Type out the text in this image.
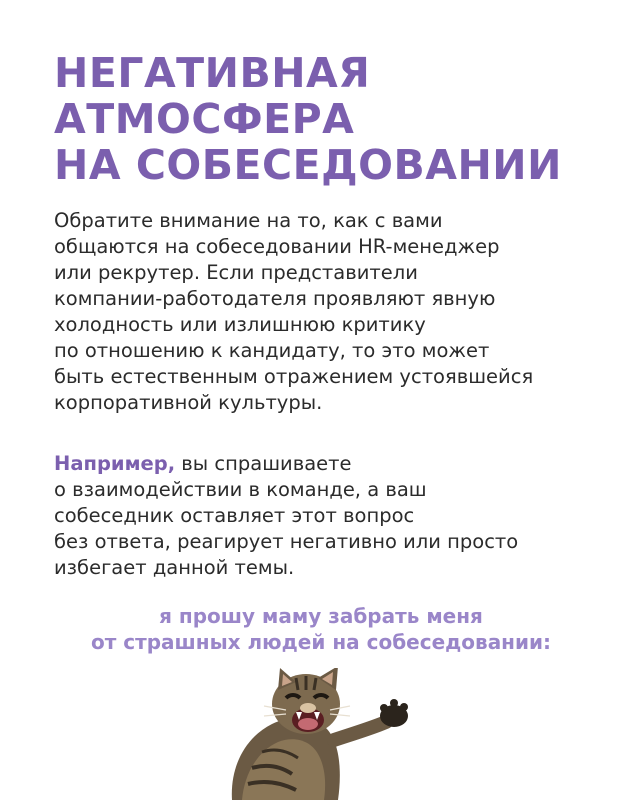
НЕГАТИВНАЯ
АТМОСФЕРА
НА СОБЕСЕДОВАНИИ

Обратите внимание на то, как с вами
общаются на собеседовании HR-менеджер
или рекрутер. Если представители
компании-работодателя проявляют явную
холодность или излишнюю критику
по отношению к кандидату, то это может
быть естественным отражением устоявшейся
корпоративной культуры.

Например, вы спрашиваете
о взаимодействии в команде, а ваш
собеседник оставляет этот вопрос
без ответа, реагирует негативно или просто
избегает данной темы.

я прошу маму забрать меня
от страшных людей на собеседовании:
